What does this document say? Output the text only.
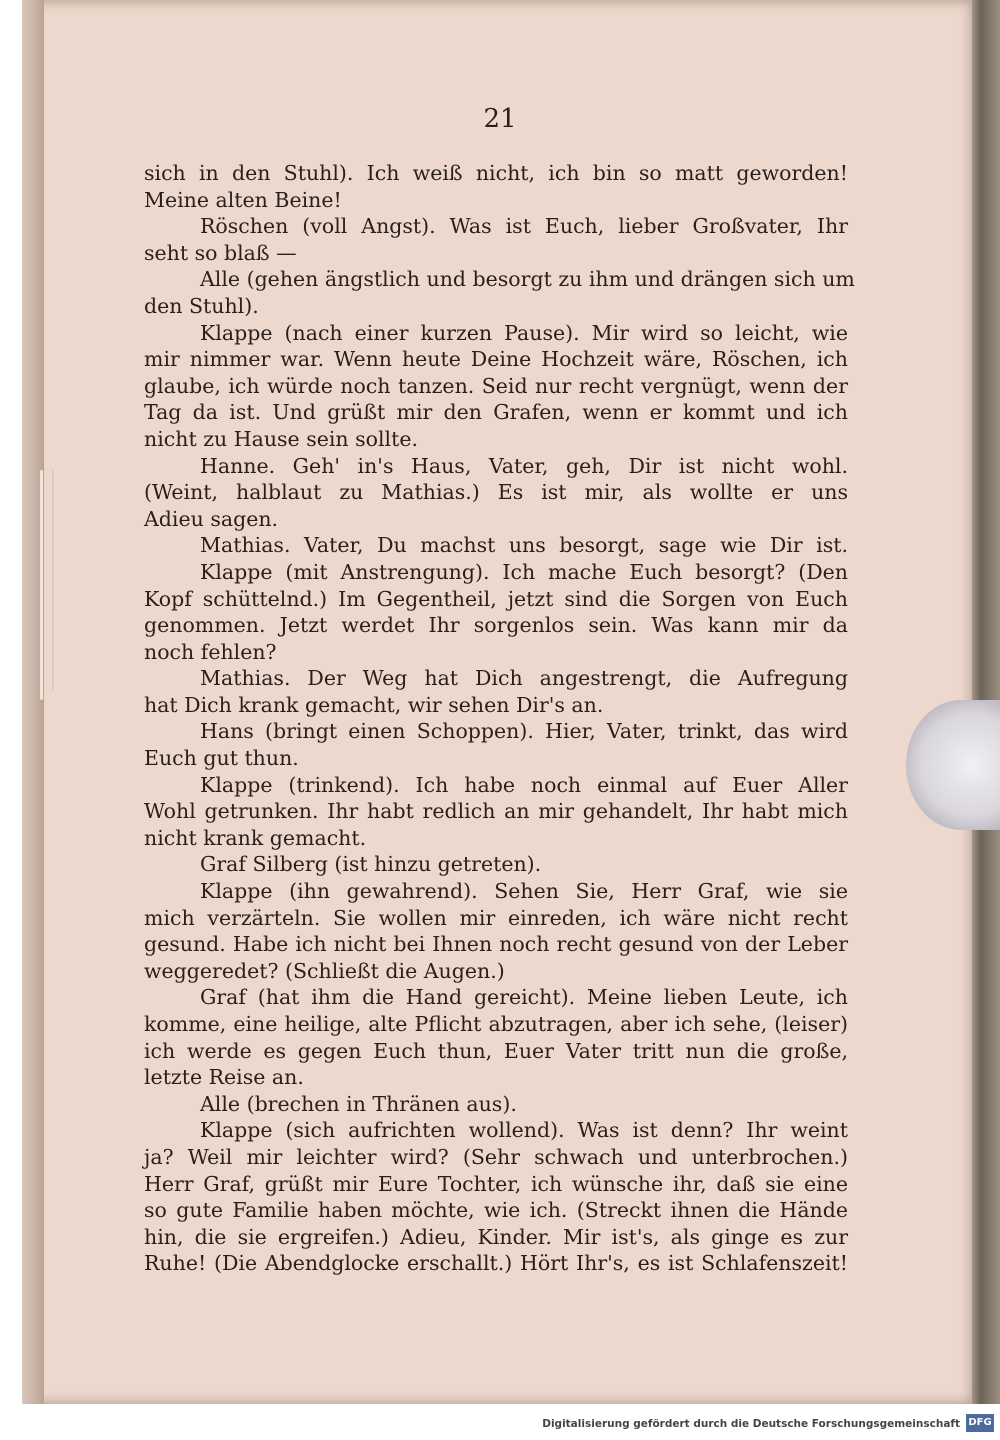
21
sich in den Stuhl). Ich weiß nicht, ich bin so matt geworden!
Meine alten Beine!
Röschen (voll Angst). Was ist Euch, lieber Großvater, Ihr
seht so blaß —
Alle (gehen ängstlich und besorgt zu ihm und drängen sich um
den Stuhl).
Klappe (nach einer kurzen Pause). Mir wird so leicht, wie
mir nimmer war. Wenn heute Deine Hochzeit wäre, Röschen, ich
glaube, ich würde noch tanzen. Seid nur recht vergnügt, wenn der
Tag da ist. Und grüßt mir den Grafen, wenn er kommt und ich
nicht zu Hause sein sollte.
Hanne. Geh' in's Haus, Vater, geh, Dir ist nicht wohl.
(Weint, halblaut zu Mathias.) Es ist mir, als wollte er uns
Adieu sagen.
Mathias. Vater, Du machst uns besorgt, sage wie Dir ist.
Klappe (mit Anstrengung). Ich mache Euch besorgt? (Den
Kopf schüttelnd.) Im Gegentheil, jetzt sind die Sorgen von Euch
genommen. Jetzt werdet Ihr sorgenlos sein. Was kann mir da
noch fehlen?
Mathias. Der Weg hat Dich angestrengt, die Aufregung
hat Dich krank gemacht, wir sehen Dir's an.
Hans (bringt einen Schoppen). Hier, Vater, trinkt, das wird
Euch gut thun.
Klappe (trinkend). Ich habe noch einmal auf Euer Aller
Wohl getrunken. Ihr habt redlich an mir gehandelt, Ihr habt mich
nicht krank gemacht.
Graf Silberg (ist hinzu getreten).
Klappe (ihn gewahrend). Sehen Sie, Herr Graf, wie sie
mich verzärteln. Sie wollen mir einreden, ich wäre nicht recht
gesund. Habe ich nicht bei Ihnen noch recht gesund von der Leber
weggeredet? (Schließt die Augen.)
Graf (hat ihm die Hand gereicht). Meine lieben Leute, ich
komme, eine heilige, alte Pflicht abzutragen, aber ich sehe, (leiser)
ich werde es gegen Euch thun, Euer Vater tritt nun die große,
letzte Reise an.
Alle (brechen in Thränen aus).
Klappe (sich aufrichten wollend). Was ist denn? Ihr weint
ja? Weil mir leichter wird? (Sehr schwach und unterbrochen.)
Herr Graf, grüßt mir Eure Tochter, ich wünsche ihr, daß sie eine
so gute Familie haben möchte, wie ich. (Streckt ihnen die Hände
hin, die sie ergreifen.) Adieu, Kinder. Mir ist's, als ginge es zur
Ruhe! (Die Abendglocke erschallt.) Hört Ihr's, es ist Schlafenszeit!
Digitalisierung gefördert durch die Deutsche Forschungsgemeinschaft DFG
